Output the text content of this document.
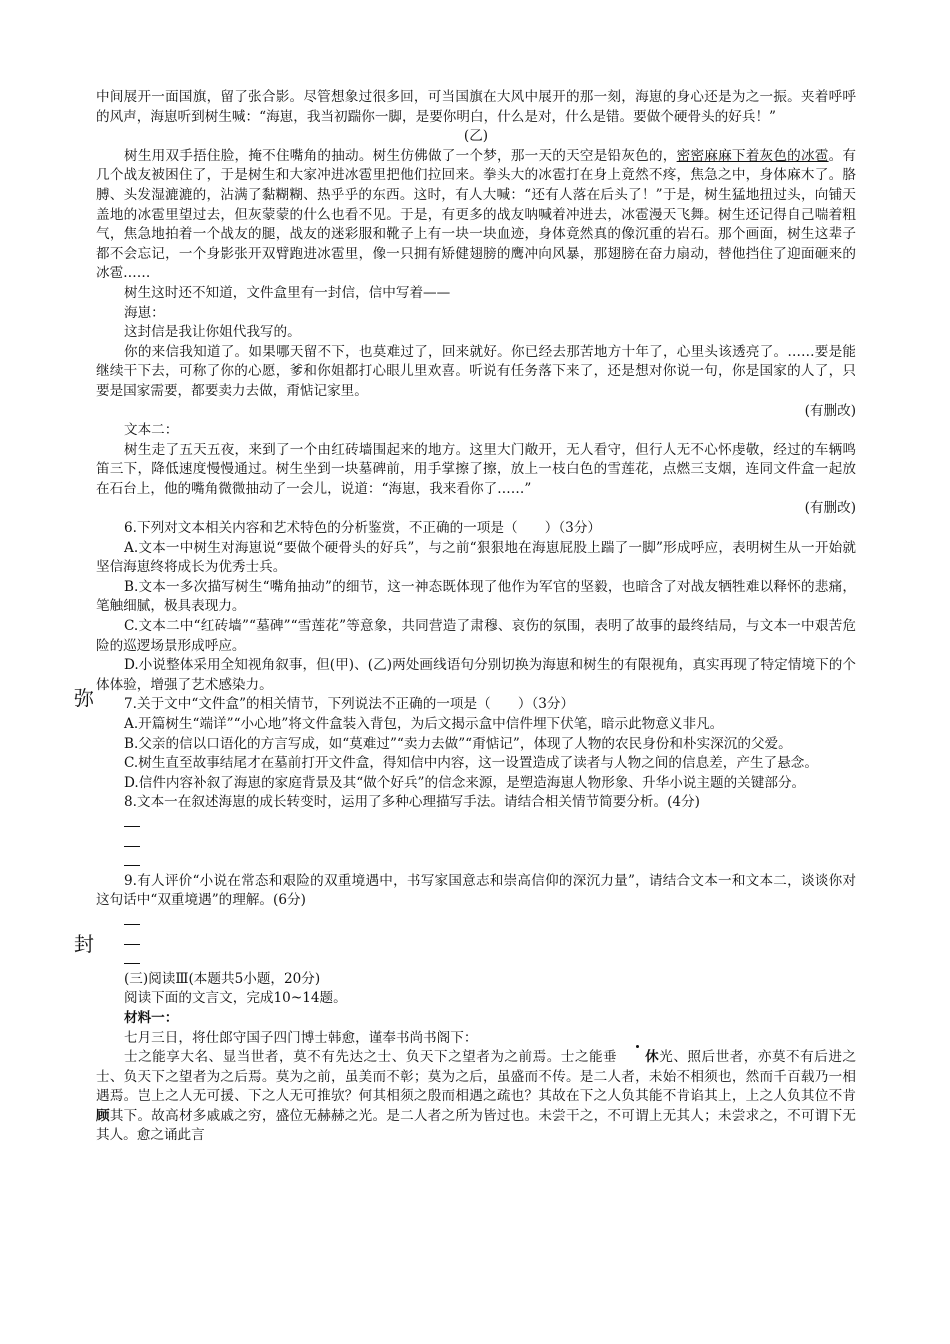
弥
封

中间展开一面国旗，留了张合影。尽管想象过很多回，可当国旗在大风中展开的那一刻，海崽的身心还是为之一振。夹着呼呼的风声，海崽听到树生喊：“海崽，我当初踹你一脚，是要你明白，什么是对，什么是错。要做个硬骨头的好兵！”

(乙)

树生用双手捂住脸，掩不住嘴角的抽动。树生仿佛做了一个梦，那一天的天空是铅灰色的，密密麻麻下着灰色的冰雹。有几个战友被困住了，于是树生和大家冲进冰雹里把他们拉回来。拳头大的冰雹打在身上竟然不疼，焦急之中，身体麻木了。胳膊、头发湿漉漉的，沾满了黏糊糊、热乎乎的东西。这时，有人大喊：“还有人落在后头了！”于是，树生猛地扭过头，向铺天盖地的冰雹里望过去，但灰蒙蒙的什么也看不见。于是，有更多的战友呐喊着冲进去，冰雹漫天飞舞。树生还记得自己喘着粗气，焦急地拍着一个战友的腿，战友的迷彩服和靴子上有一块一块血迹，身体竟然真的像沉重的岩石。那个画面，树生这辈子都不会忘记，一个身影张开双臂跑进冰雹里，像一只拥有矫健翅膀的鹰冲向风暴，那翅膀在奋力扇动，替他挡住了迎面砸来的冰雹……

树生这时还不知道，文件盒里有一封信，信中写着——

海崽：

这封信是我让你姐代我写的。

你的来信我知道了。如果哪天留不下，也莫难过了，回来就好。你已经去那苦地方十年了，心里头该透亮了。……要是能继续干下去，可称了你的心愿，爹和你姐都打心眼儿里欢喜。听说有任务落下来了，还是想对你说一句，你是国家的人了，只要是国家需要，都要卖力去做，甭惦记家里。

(有删改)

文本二：

树生走了五天五夜，来到了一个由红砖墙围起来的地方。这里大门敞开，无人看守，但行人无不心怀虔敬，经过的车辆鸣笛三下，降低速度慢慢通过。树生坐到一块墓碑前，用手掌擦了擦，放上一枝白色的雪莲花，点燃三支烟，连同文件盒一起放在石台上，他的嘴角微微抽动了一会儿，说道：“海崽，我来看你了……”

(有删改)

6.下列对文本相关内容和艺术特色的分析鉴赏，不正确的一项是（　　）（3分）

A.文本一中树生对海崽说“要做个硬骨头的好兵”，与之前“狠狠地在海崽屁股上踹了一脚”形成呼应，表明树生从一开始就坚信海崽终将成长为优秀士兵。

B.文本一多次描写树生“嘴角抽动”的细节，这一神态既体现了他作为军官的坚毅，也暗含了对战友牺牲难以释怀的悲痛，笔触细腻，极具表现力。

C.文本二中“红砖墙”“墓碑”“雪莲花”等意象，共同营造了肃穆、哀伤的氛围，表明了故事的最终结局，与文本一中艰苦危险的巡逻场景形成呼应。

D.小说整体采用全知视角叙事，但(甲)、(乙)两处画线语句分别切换为海崽和树生的有限视角，真实再现了特定情境下的个体体验，增强了艺术感染力。

7.关于文中“文件盒”的相关情节，下列说法不正确的一项是（　　）（3分）

A.开篇树生“端详”“小心地”将文件盒装入背包，为后文揭示盒中信件埋下伏笔，暗示此物意义非凡。

B.父亲的信以口语化的方言写成，如“莫难过”“卖力去做”“甭惦记”，体现了人物的农民身份和朴实深沉的父爱。

C.树生直至故事结尾才在墓前打开文件盒，得知信中内容，这一设置造成了读者与人物之间的信息差，产生了悬念。

D.信件内容补叙了海崽的家庭背景及其“做个好兵”的信念来源，是塑造海崽人物形象、升华小说主题的关键部分。

8.文本一在叙述海崽的成长转变时，运用了多种心理描写手法。请结合相关情节简要分析。(4分)

9.有人评价“小说在常态和艰险的双重境遇中，书写家国意志和崇高信仰的深沉力量”，请结合文本一和文本二，谈谈你对这句话中“双重境遇”的理解。(6分)

(三)阅读Ⅲ(本题共5小题，20分)

阅读下面的文言文，完成10~14题。

材料一：

七月三日，将仕郎守国子四门博士韩愈，谨奉书尚书阁下：

士之能享大名、显当世者，莫不有先达之士、负天下之望者为之前焉。士之能垂 休光、照后世者，亦莫不有后进之士、负天下之望者为之后焉。莫为之前，虽美而不彰；莫为之后，虽盛而不传。是二人者，未始不相须也，然而千百载乃一相遇焉。岂上之人无可援、下之人无可推欤？何其相须之殷而相遇之疏也？其故在下之人负其能不肯谄其上，上之人负其位不肯顾其下。故高材多戚戚之穷，盛位无赫赫之光。是二人者之所为皆过也。未尝干之，不可谓上无其人；未尝求之，不可谓下无其人。愈之诵此言
